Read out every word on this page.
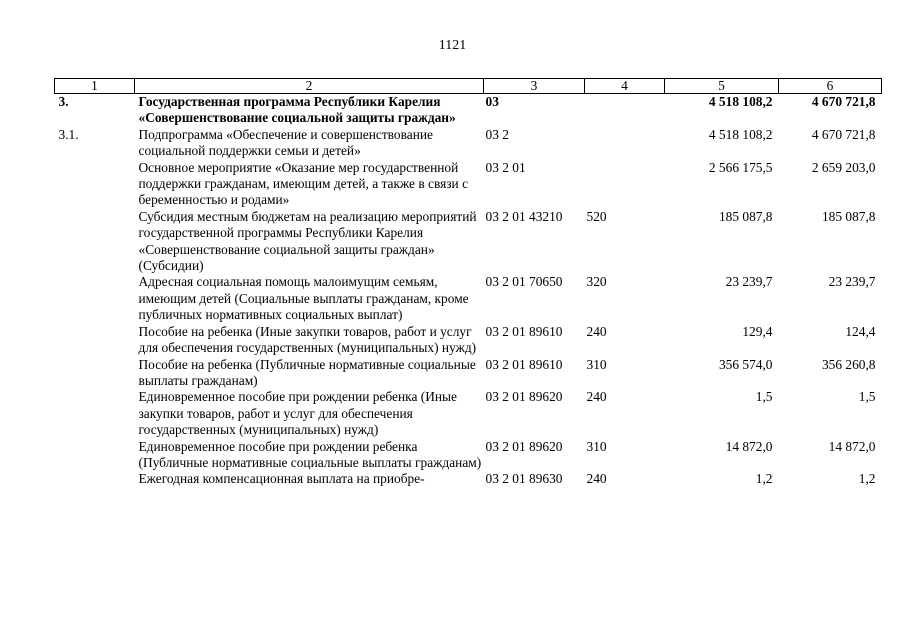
1121
1	2	3	4	5	6
3.	Государственная программа Республики Карелия «Совершенствование социальной защиты граждан»	03		4 518 108,2	4 670 721,8
3.1.	Подпрограмма «Обеспечение и совершенствование социальной поддержки семьи и детей»	03 2		4 518 108,2	4 670 721,8
	Основное мероприятие «Оказание мер государственной поддержки гражданам, имеющим детей, а также в связи с беременностью и родами»	03 2 01		2 566 175,5	2 659 203,0
	Субсидия местным бюджетам на реализацию мероприятий государственной программы Республики Карелия «Совершенствование социальной защиты граждан» (Субсидии)	03 2 01 43210	520	185 087,8	185 087,8
	Адресная социальная помощь малоимущим семьям, имеющим детей (Социальные выплаты гражданам, кроме публичных нормативных социальных выплат)	03 2 01 70650	320	23 239,7	23 239,7
	Пособие на ребенка (Иные закупки товаров, работ и услуг для обеспечения государственных (муниципальных) нужд)	03 2 01 89610	240	129,4	124,4
	Пособие на ребенка (Публичные нормативные социальные выплаты гражданам)	03 2 01 89610	310	356 574,0	356 260,8
	Единовременное пособие при рождении ребенка (Иные закупки товаров, работ и услуг для обеспечения государственных (муниципальных) нужд)	03 2 01 89620	240	1,5	1,5
	Единовременное пособие при рождении ребенка (Публичные нормативные социальные выплаты гражданам)	03 2 01 89620	310	14 872,0	14 872,0
	Ежегодная компенсационная выплата на приобре-	03 2 01 89630	240	1,2	1,2
